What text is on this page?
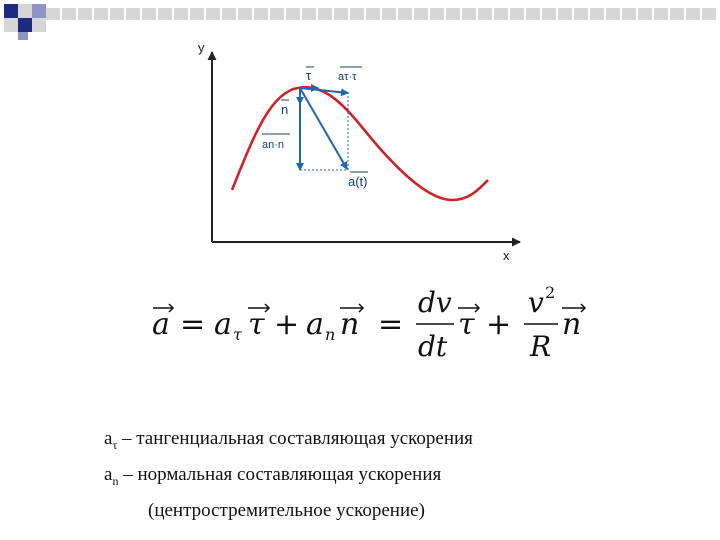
y
x
τ aτ·τ
n
an·n
a(t)
a = a τ τ + a n n =
dv
dt
τ +
v 2
R
n
$a_\tau$ – тангенциальная составляющая ускорения
$a_n$ – нормальная составляющая ускорения
(центростремительное ускорение)
